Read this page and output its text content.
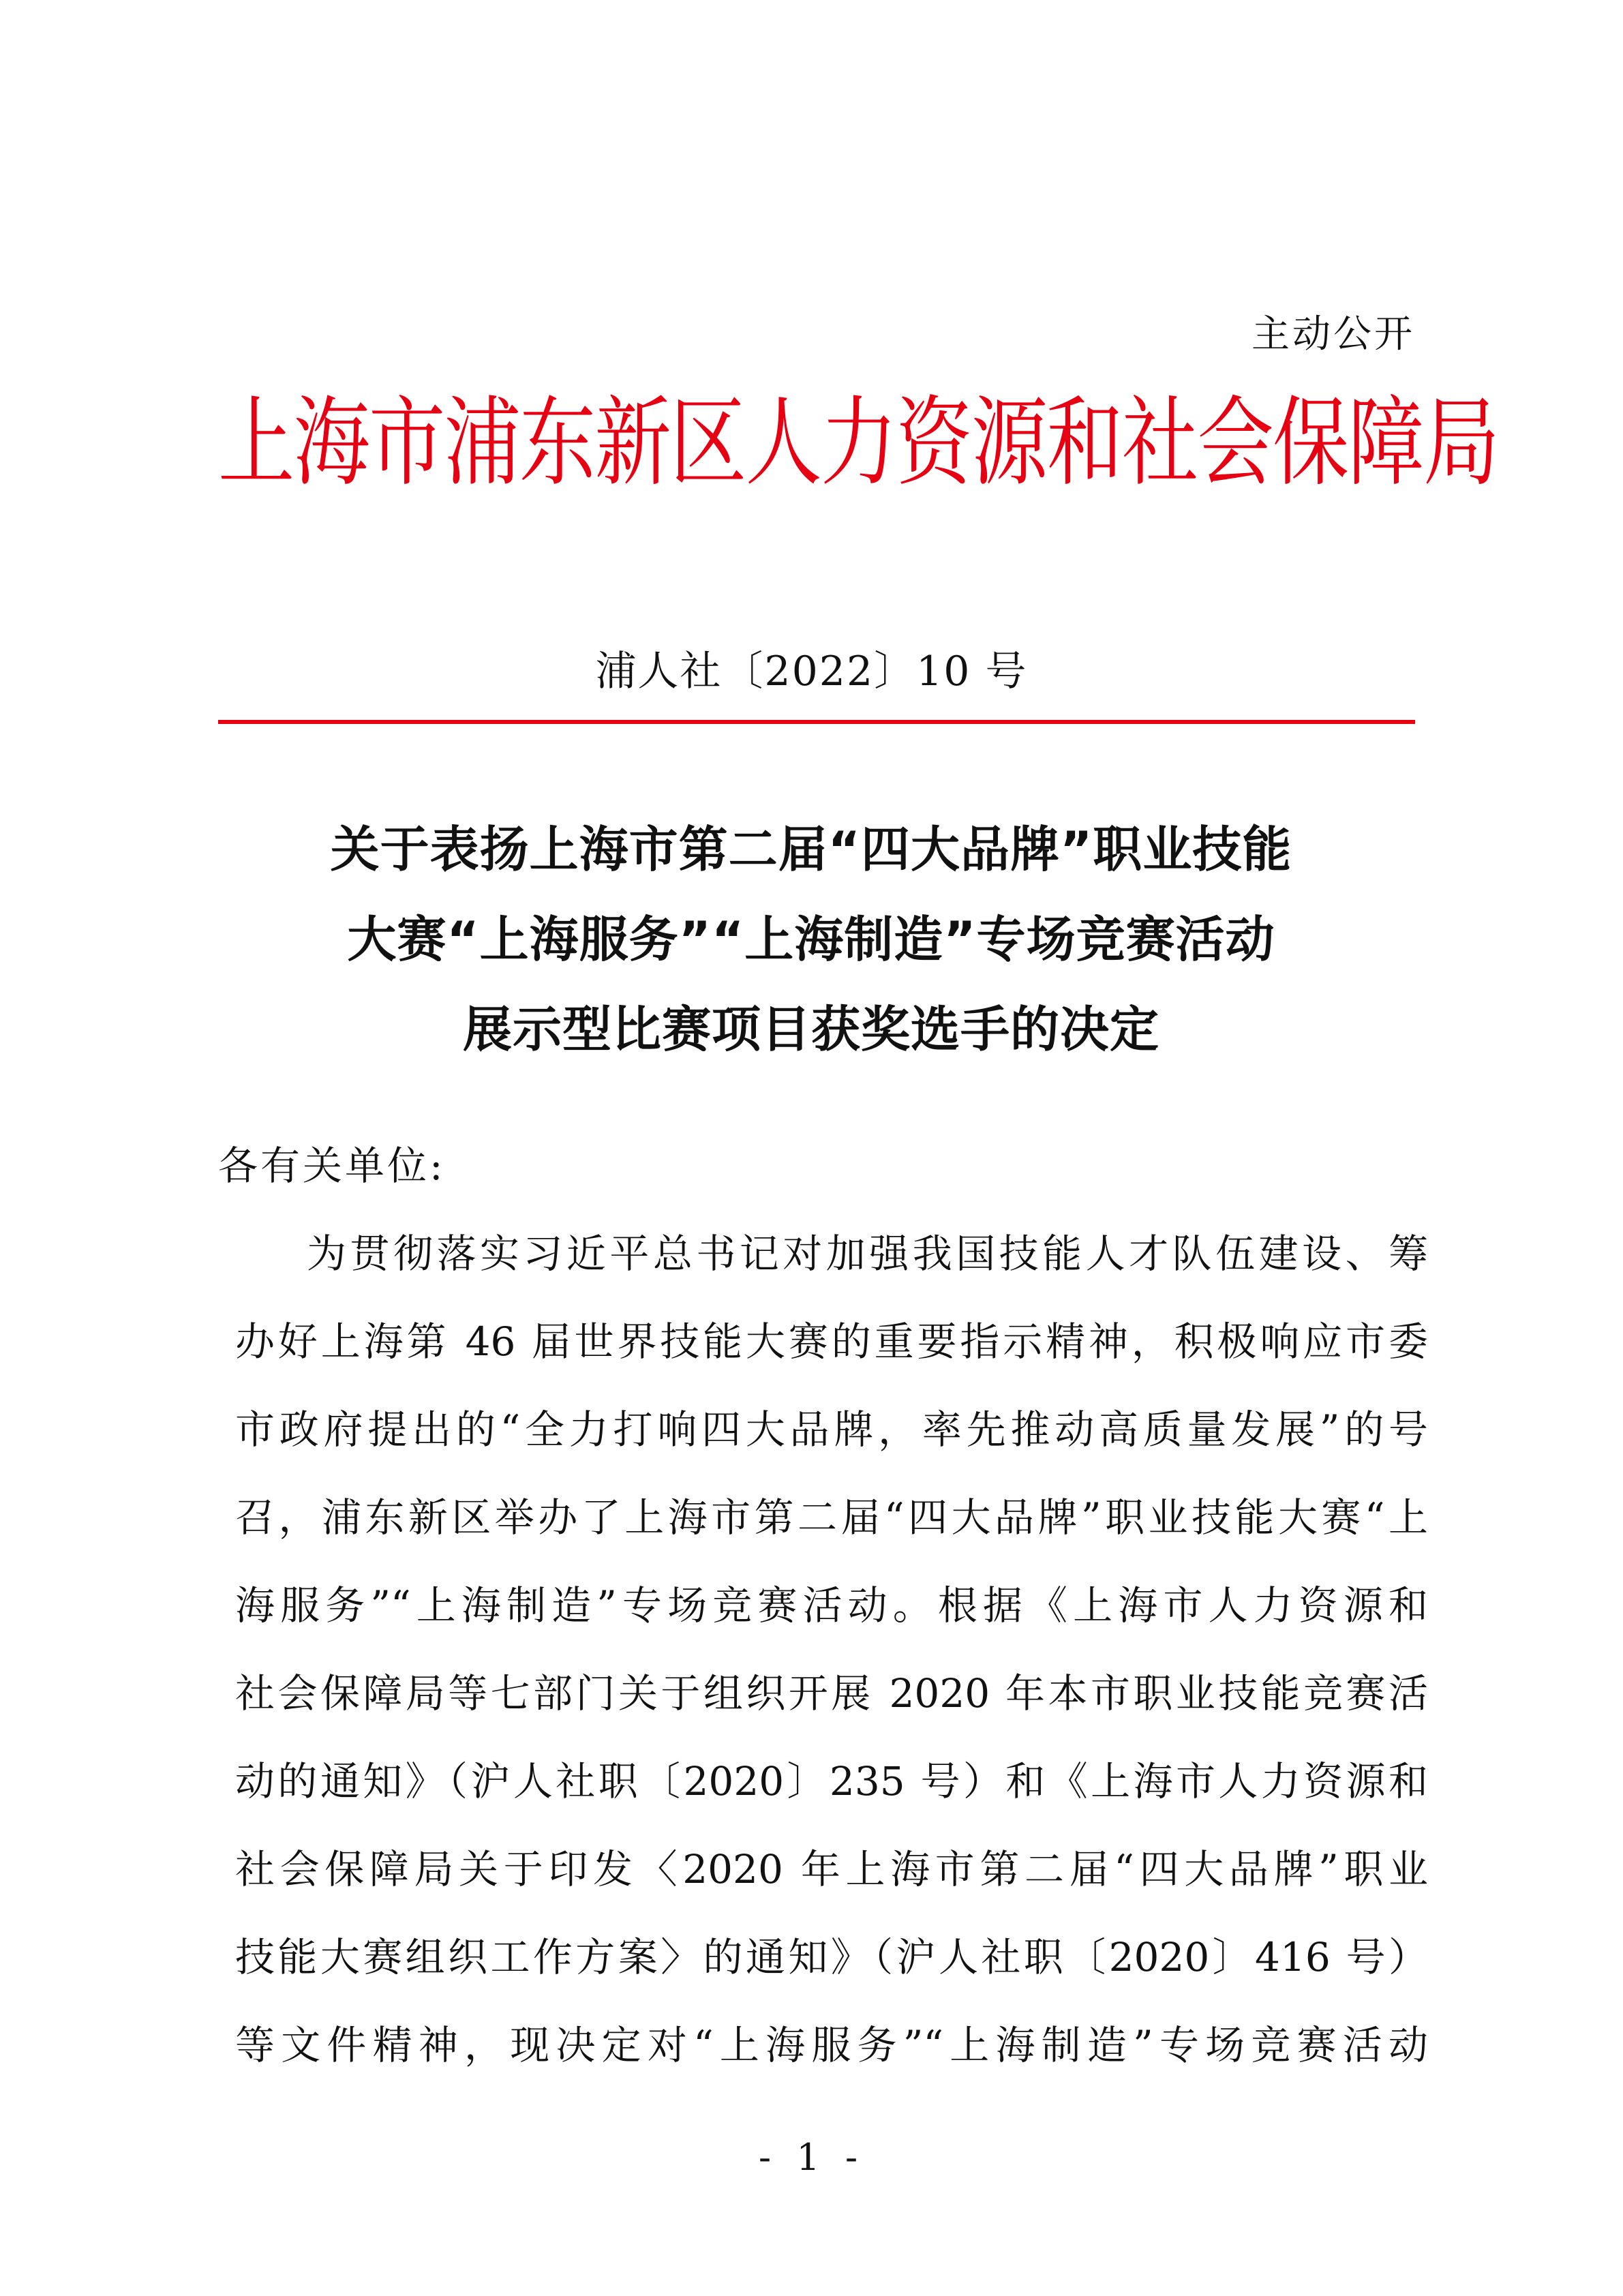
主动公开
上海市浦东新区人力资源和社会保障局
浦人社〔2022〕10 号
关于表扬上海市第二届“四大品牌”职业技能
大赛“上海服务”“上海制造”专场竞赛活动
展示型比赛项目获奖选手的决定
各有关单位:
为贯彻落实习近平总书记对加强我国技能人才队伍建设、筹
办好上海第 46 届世界技能大赛的重要指示精神，积极响应市委
市政府提出的“全力打响四大品牌，率先推动高质量发展”的号
召，浦东新区举办了上海市第二届“四大品牌”职业技能大赛“上
海服务”“上海制造”专场竞赛活动。根据《上海市人力资源和
社会保障局等七部门关于组织开展 2020 年本市职业技能竞赛活
动的通知》（沪人社职〔2020〕235 号）和《上海市人力资源和
社会保障局关于印发〈2020 年上海市第二届“四大品牌”职业
技能大赛组织工作方案〉的通知》（沪人社职〔2020〕416 号）
等文件精神，现决定对“上海服务”“上海制造”专场竞赛活动
- 1 -
